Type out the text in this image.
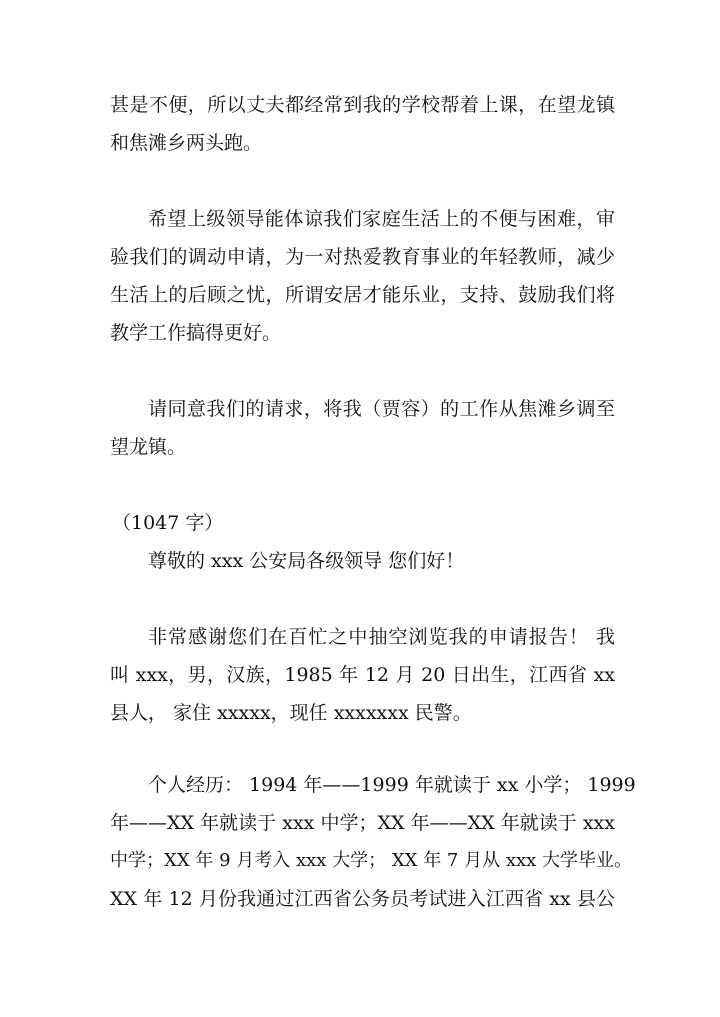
甚是不便，所以丈夫都经常到我的学校帮着上课，在望龙镇
和焦滩乡两头跑。
希望上级领导能体谅我们家庭生活上的不便与困难，审
验我们的调动申请，为一对热爱教育事业的年轻教师，减少
生活上的后顾之忧，所谓安居才能乐业，支持、鼓励我们将
教学工作搞得更好。
请同意我们的请求，将我（贾容）的工作从焦滩乡调至
望龙镇。
（1047 字）
尊敬的 xxx 公安局各级领导 您们好！
非常感谢您们在百忙之中抽空浏览我的申请报告！ 我
叫 xxx，男，汉族，1985 年 12 月 20 日出生，江西省 xx
县人， 家住 xxxxx，现任 xxxxxxx 民警。
个人经历： 1994 年——1999 年就读于 xx 小学； 1999
年——XX 年就读于 xxx 中学；XX 年——XX 年就读于 xxx
中学；XX 年 9 月考入 xxx 大学； XX 年 7 月从 xxx 大学毕业。
XX 年 12 月份我通过江西省公务员考试进入江西省 xx 县公
